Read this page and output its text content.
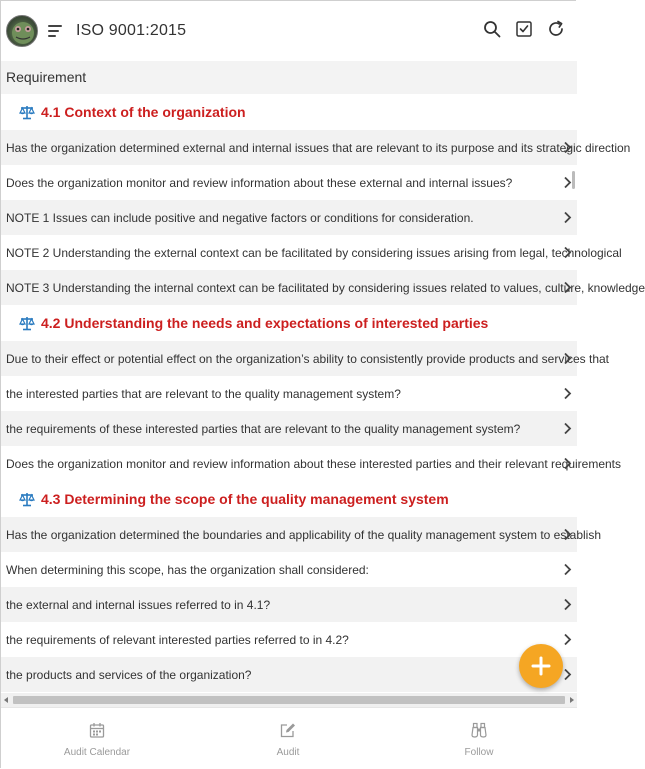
ISO 9001:2015
Requirement
4.1 Context of the organization
Has the organization determined external and internal issues that are relevant to its purpose and its strategic direction
Does the organization monitor and review information about these external and internal issues?
NOTE 1 Issues can include positive and negative factors or conditions for consideration.
NOTE 2 Understanding the external context can be facilitated by considering issues arising from legal, technological
NOTE 3 Understanding the internal context can be facilitated by considering issues related to values, culture, knowledge
4.2 Understanding the needs and expectations of interested parties
Due to their effect or potential effect on the organization’s ability to consistently provide products and services that
the interested parties that are relevant to the quality management system?
the requirements of these interested parties that are relevant to the quality management system?
Does the organization monitor and review information about these interested parties and their relevant requirements
4.3 Determining the scope of the quality management system
Has the organization determined the boundaries and applicability of the quality management system to establish
When determining this scope, has the organization shall considered:
the external and internal issues referred to in 4.1?
the requirements of relevant interested parties referred to in 4.2?
the products and services of the organization?
Audit Calendar	Audit	Follow
